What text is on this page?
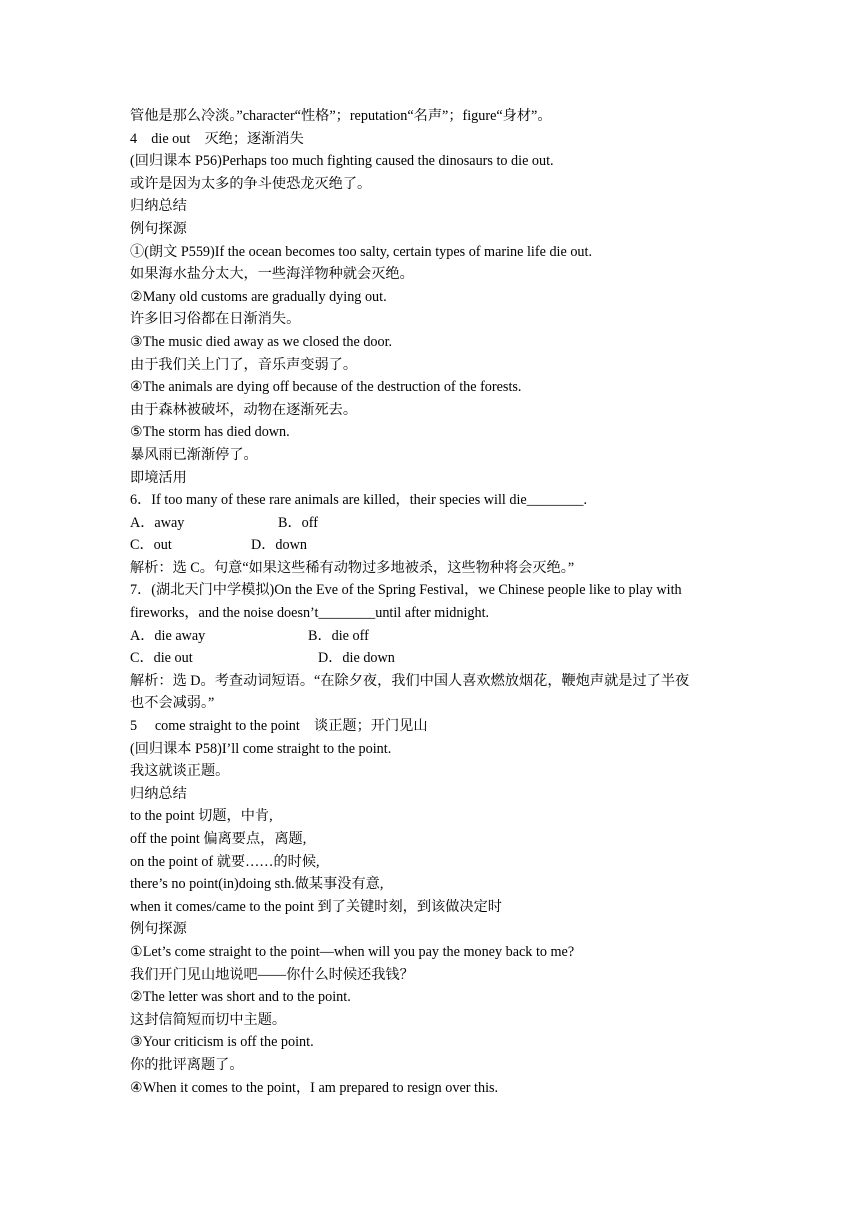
管他是那么冷淡。”character“性格”；reputation“名声”；figure“身材”。
4    die out    灭绝；逐渐消失
(回归课本 P56)Perhaps too much fighting caused the dinosaurs to die out.
或许是因为太多的争斗使恐龙灭绝了。
归纳总结
例句探源
①(朗文 P559)If the ocean becomes too salty, certain types of marine life die out.
如果海水盐分太大，一些海洋物种就会灭绝。
②Many old customs are gradually dying out.
许多旧习俗都在日渐消失。
③The music died away as we closed the door.
由于我们关上门了，音乐声变弱了。
④The animals are dying off because of the destruction of the forests.
由于森林被破坏，动物在逐渐死去。
⑤The storm has died down.
暴风雨已渐渐停了。
即境活用
6．If too many of these rare animals are killed，their species will die________.
A．away	B．off
C．out	D．down
解析：选 C。句意“如果这些稀有动物过多地被杀，这些物种将会灭绝。”
7．(湖北天门中学模拟)On the Eve of the Spring Festival，we Chinese people like to play with
fireworks，and the noise doesn’t________until after midnight.
A．die away	B．die off
C．die out	D．die down
解析：选 D。考查动词短语。“在除夕夜，我们中国人喜欢燃放烟花，鞭炮声就是过了半夜
也不会减弱。”
5     come straight to the point    谈正题；开门见山
(回归课本 P58)I’ll come straight to the point.
我这就谈正题。
归纳总结
to the point 切题，中肯,
off the point 偏离要点，离题,
on the point of 就要……的时候,
there’s no point(in)doing sth.做某事没有意,
when it comes/came to the point 到了关键时刻，到该做决定时
例句探源
①Let’s come straight to the point—when will you pay the money back to me?
我们开门见山地说吧——你什么时候还我钱？
②The letter was short and to the point.
这封信简短而切中主题。
③Your criticism is off the point.
你的批评离题了。
④When it comes to the point，I am prepared to resign over this.
